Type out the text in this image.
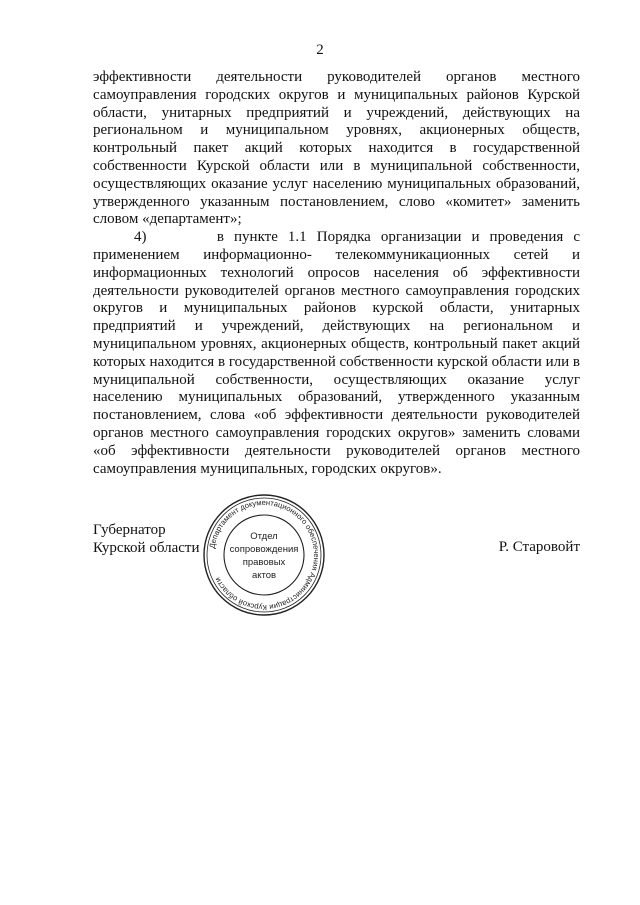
2

эффективности деятельности руководителей органов местного самоуправления городских округов и муниципальных районов Курской области, унитарных предприятий и учреждений, действующих на региональном и муниципальном уровнях, акционерных обществ, контрольный пакет акций которых находится в государственной собственности Курской области или в муниципальной собственности, осуществляющих оказание услуг населению муниципальных образований, утвержденного указанным постановлением, слово «комитет» заменить словом «департамент»;

4)       в пункте 1.1 Порядка организации и проведения с применением информационно- телекоммуникационных сетей и информационных технологий опросов населения об эффективности деятельности руководителей органов местного самоуправления городских округов и муниципальных районов курской области, унитарных предприятий и учреждений, действующих на региональном и муниципальном уровнях, акционерных обществ, контрольный пакет акций которых находится в государственной собственности курской области или в муниципальной собственности, осуществляющих оказание услуг населению муниципальных образований, утвержденного указанным постановлением, слова «об эффективности деятельности руководителей органов местного самоуправления городских округов» заменить словами «об эффективности деятельности руководителей органов местного самоуправления муниципальных, городских округов».

Губернатор
Курской области Департамент документационного обеспечения Администрации Курской области
Отдел
сопровождения
правовых
актов
Р. Старовойт
